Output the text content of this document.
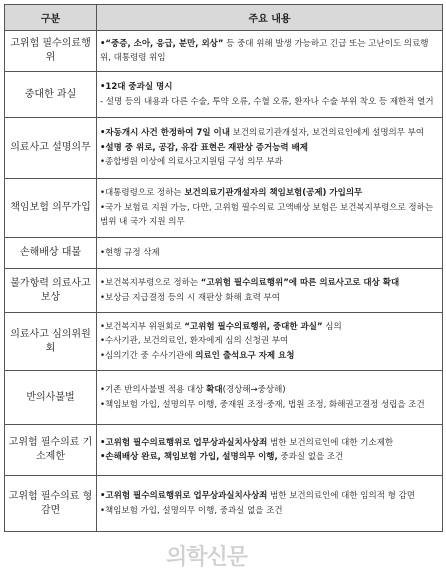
구분	주요 내용
고위험 필수의료행위	•“중증, 소아, 응급, 분만, 외상” 등 중대 위해 발생 가능하고 긴급 또는 고난이도 의료행위, 대통령령 위임

중대한 과실	•12대 중과실 명시
- 설명 등의 내용과 다른 수술, 투약 오류, 수혈 오류, 환자나 수술 부위 착오 등 제한적 열거

의료사고 설명의무	•자동개시 사건 한정하여 7일 이내 보건의료기관개설자, 보건의료인에게 설명의무 부여
•설명 중 위로, 공감, 유감 표현은 재판상 증거능력 배제
•종합병원 이상에 의료사고지원팀 구성 의무 부과

책임보험 의무가입	•대통령령으로 정하는 보건의료기관개설자의 책임보험(공제) 가입의무
•국가 보험료 지원 가능, 다만, 고위험 필수의료 고액배상 보험은 보건복지부령으로 정하는 범위 내 국가 지원 의무

손해배상 대불	•현행 규정 삭제

불가항력 의료사고 보상	•보건복지부령으로 정하는 “고위험 필수의료행위”에 따른 의료사고로 대상 확대
•보상금 지급결정 등의 시 재판상 화해 효력 부여

의료사고 심의위원회	•보건복지부 위원회로 “고위험 필수의료행위, 중대한 과실” 심의
•수사기관, 보건의료인, 환자에게 심의 신청권 부여
•심의기간 중 수사기관에 의료인 출석요구 자제 요청

반의사불벌	•기존 반의사불벌 적용 대상 확대(경상해→중상해)
•책임보험 가입, 설명의무 이행, 중재원 조정·중재, 법원 조정, 화해권고결정 성립을 조건

고위험 필수의료 기소제한	•고위험 필수의료행위로 업무상과실치사상죄 범한 보건의료인에 대한 기소제한
•손해배상 완료, 책임보험 가입, 설명의무 이행, 중과실 없을 조건

고위험 필수의료 형 감면	•고위험 필수의료행위로 업무상과실치사상죄 범한 보건의료인에 대한 임의적 형 감면
•책임보험 가입, 설명의무 이행, 중과실 없을 조건
의학신문
